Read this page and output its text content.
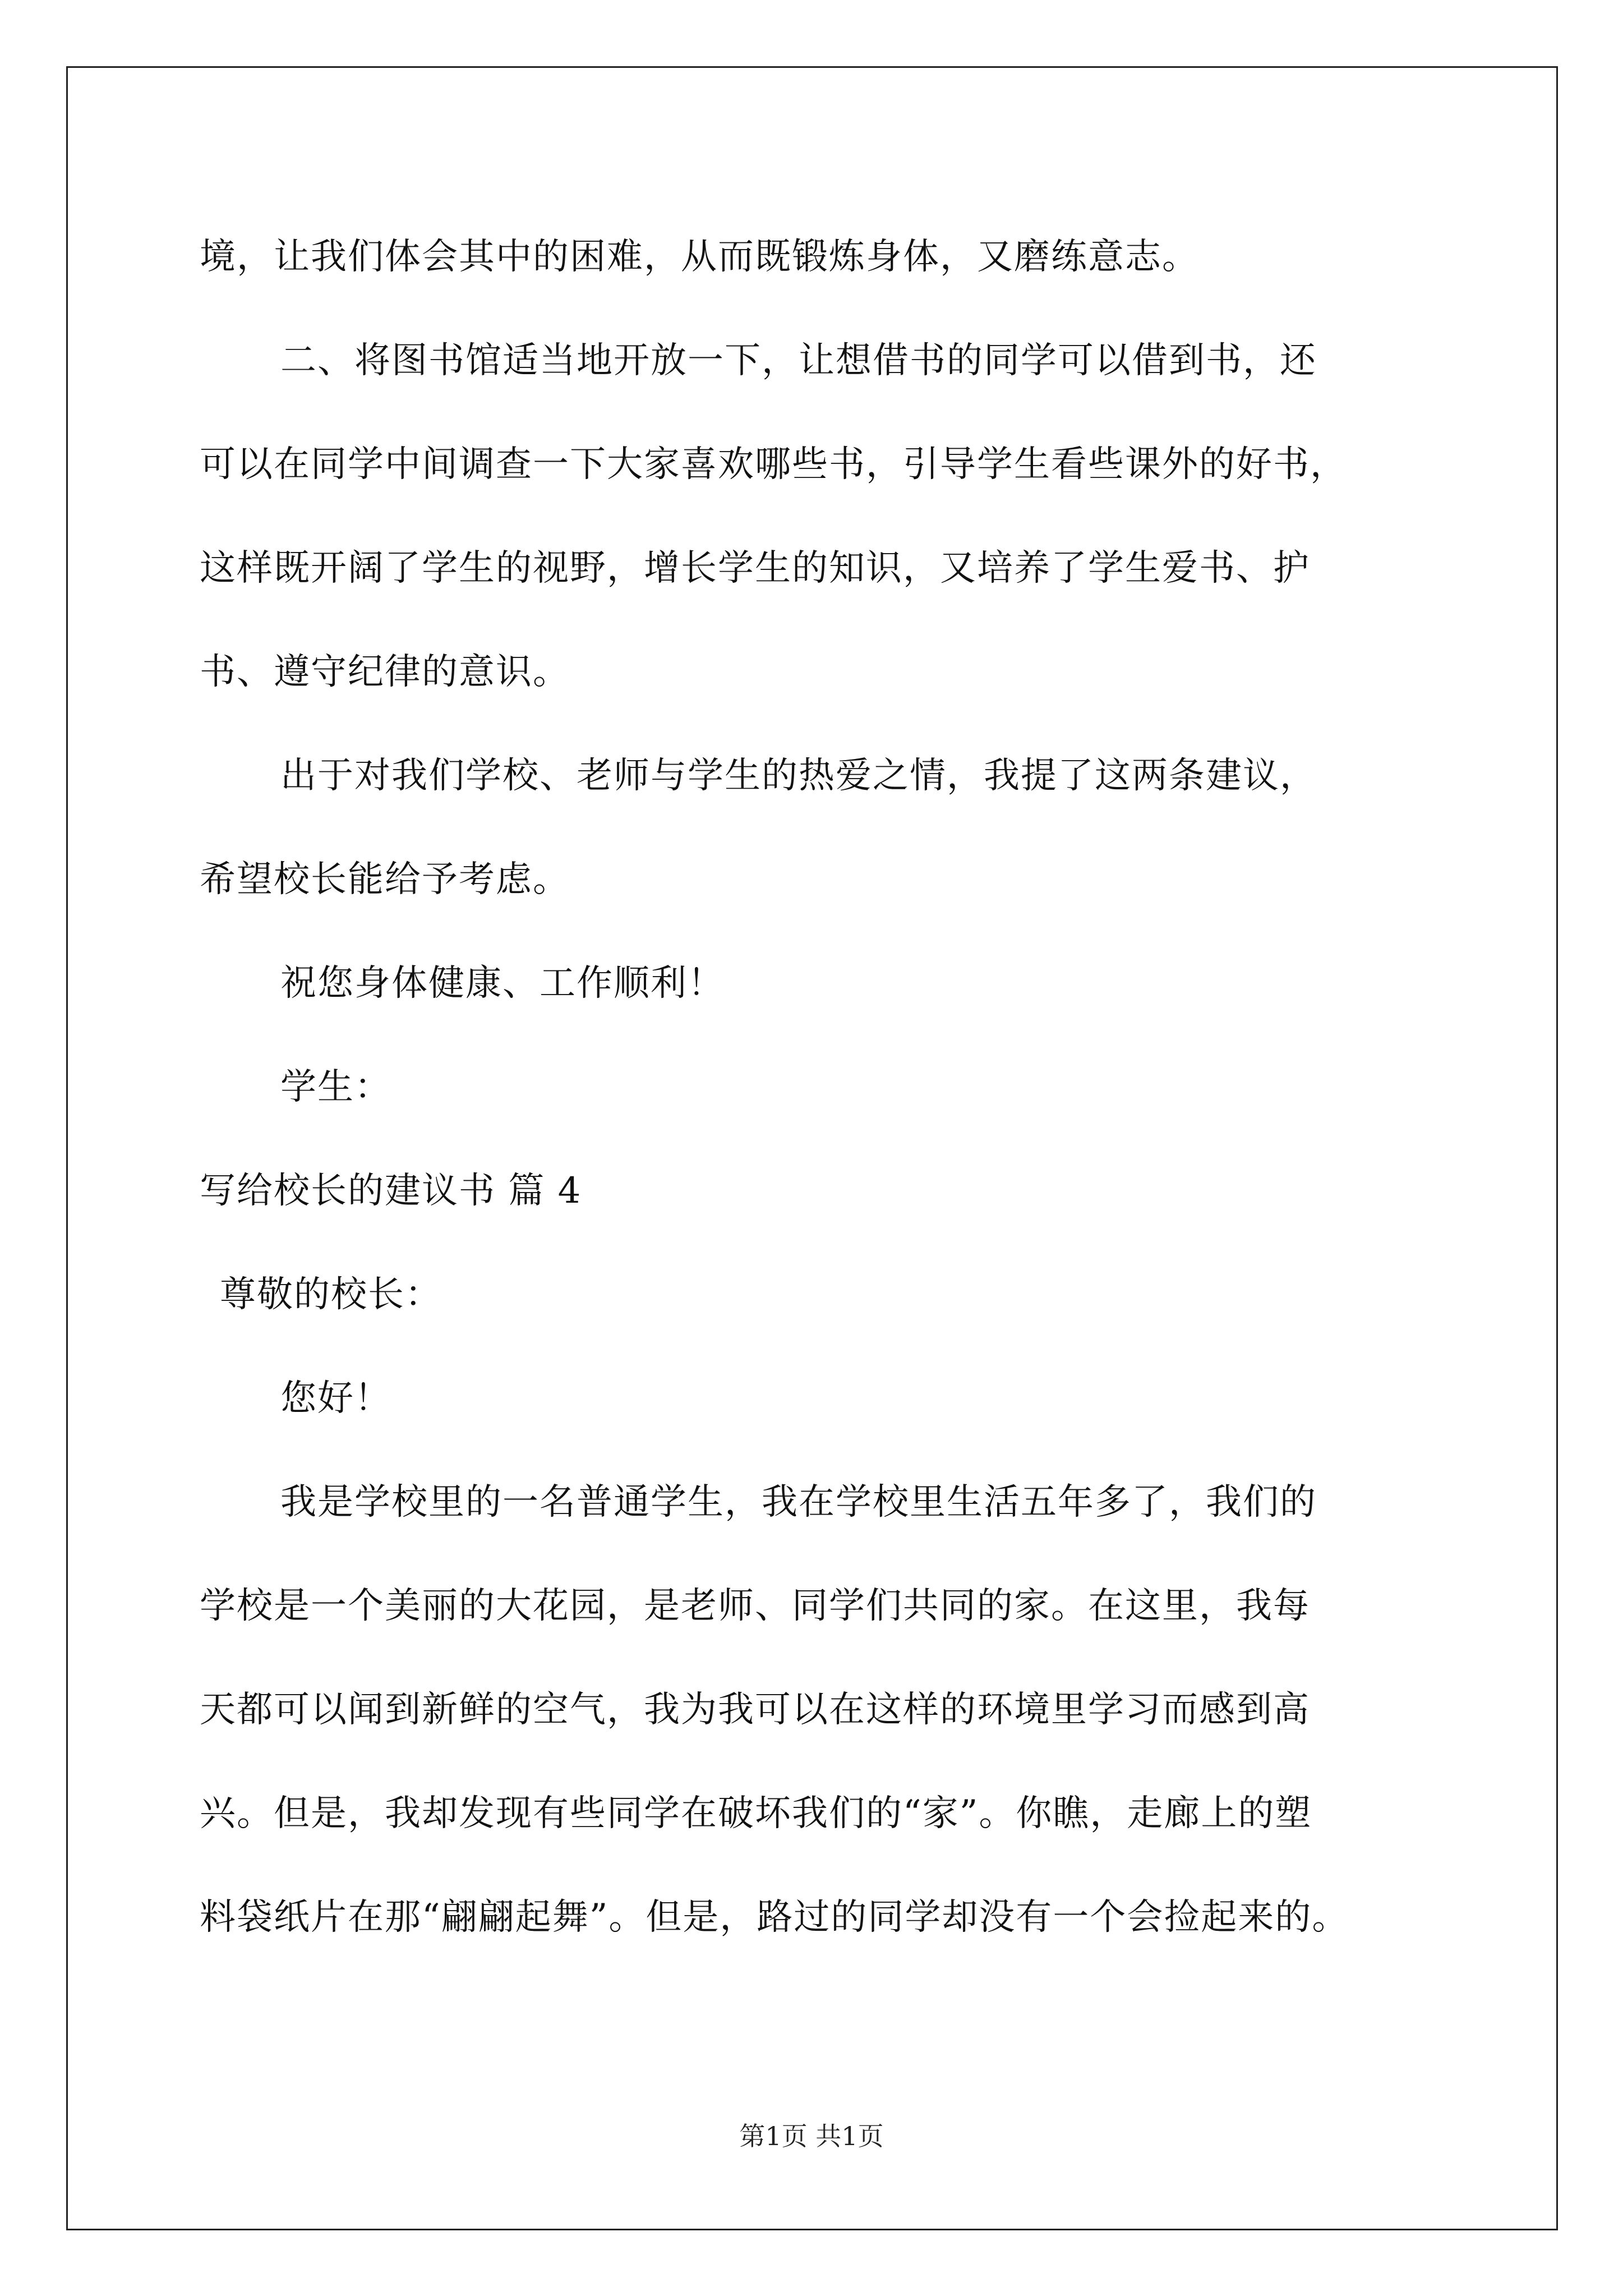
境，让我们体会其中的困难，从而既锻炼身体，又磨练意志。
二、将图书馆适当地开放一下，让想借书的同学可以借到书，还
可以在同学中间调查一下大家喜欢哪些书，引导学生看些课外的好书，
这样既开阔了学生的视野，增长学生的知识，又培养了学生爱书、护
书、遵守纪律的意识。
出于对我们学校、老师与学生的热爱之情，我提了这两条建议，
希望校长能给予考虑。
祝您身体健康、工作顺利！
学生：
写给校长的建议书 篇 4
尊敬的校长：
您好！
我是学校里的一名普通学生，我在学校里生活五年多了，我们的
学校是一个美丽的大花园，是老师、同学们共同的家。在这里，我每
天都可以闻到新鲜的空气，我为我可以在这样的环境里学习而感到高
兴。但是，我却发现有些同学在破坏我们的“家”。你瞧，走廊上的塑
料袋纸片在那“翩翩起舞”。但是，路过的同学却没有一个会捡起来的。
第1页 共1页
